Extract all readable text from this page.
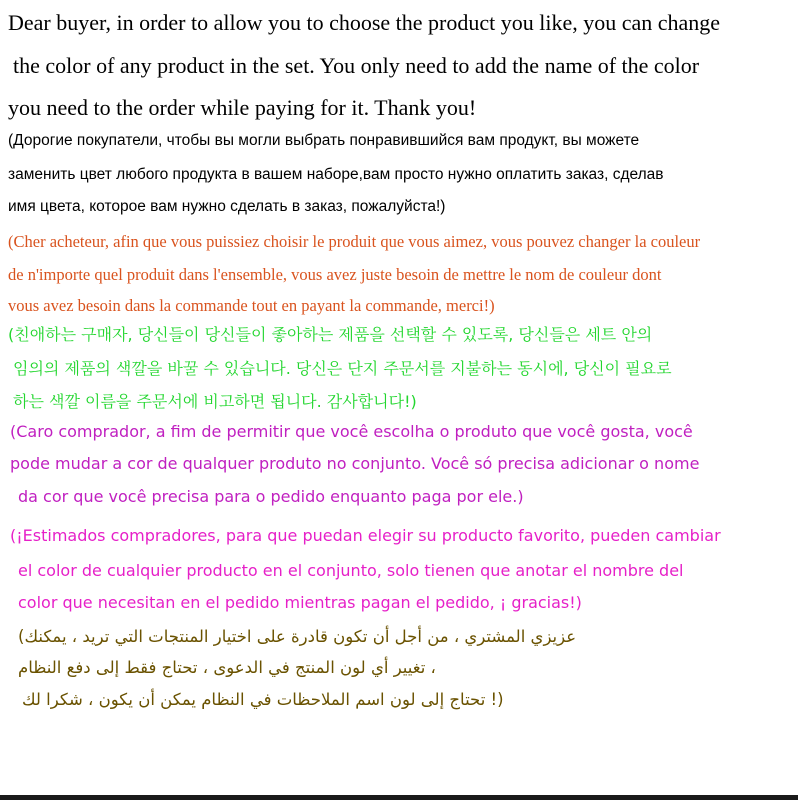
Dear buyer, in order to allow you to choose the product you like, you can change

the color of any product in the set. You only need to add the name of the color

you need to the order while paying for it. Thank you!

(Дорогие покупатели, чтобы вы могли выбрать понравившийся вам продукт, вы можете

заменить цвет любого продукта в вашем наборе,вам просто нужно оплатить заказ, сделав

имя цвета, которое вам нужно сделать в заказ, пожалуйста!)

(Cher acheteur, afin que vous puissiez choisir le produit que vous aimez, vous pouvez changer la couleur

de n'importe quel produit dans l'ensemble, vous avez juste besoin de mettre le nom de couleur dont

vous avez besoin dans la commande tout en payant la commande, merci!)

(친애하는 구매자, 당신들이 당신들이 좋아하는 제품을 선택할 수 있도록, 당신들은 세트 안의

임의의 제품의 색깔을 바꿀 수 있습니다. 당신은 단지 주문서를 지불하는 동시에, 당신이 필요로

하는 색깔 이름을 주문서에 비고하면 됩니다. 감사합니다!)

(Caro comprador, a fim de permitir que você escolha o produto que você gosta, você

pode mudar a cor de qualquer produto no conjunto. Você só precisa adicionar o nome

da cor que você precisa para o pedido enquanto paga por ele.)

(¡Estimados compradores, para que puedan elegir su producto favorito, pueden cambiar

el color de cualquier producto en el conjunto, solo tienen que anotar el nombre del

color que necesitan en el pedido mientras pagan el pedido, ¡ gracias!)

(عزيزي المشتري ، من أجل أن تكون قادرة على اختيار المنتجات التي تريد ، يمكنك

تغيير أي لون المنتج في الدعوى ، تحتاج فقط إلى دفع النظام ،

تحتاج إلى لون اسم الملاحظات في النظام يمكن أن يكون ، شكرا لك !)
